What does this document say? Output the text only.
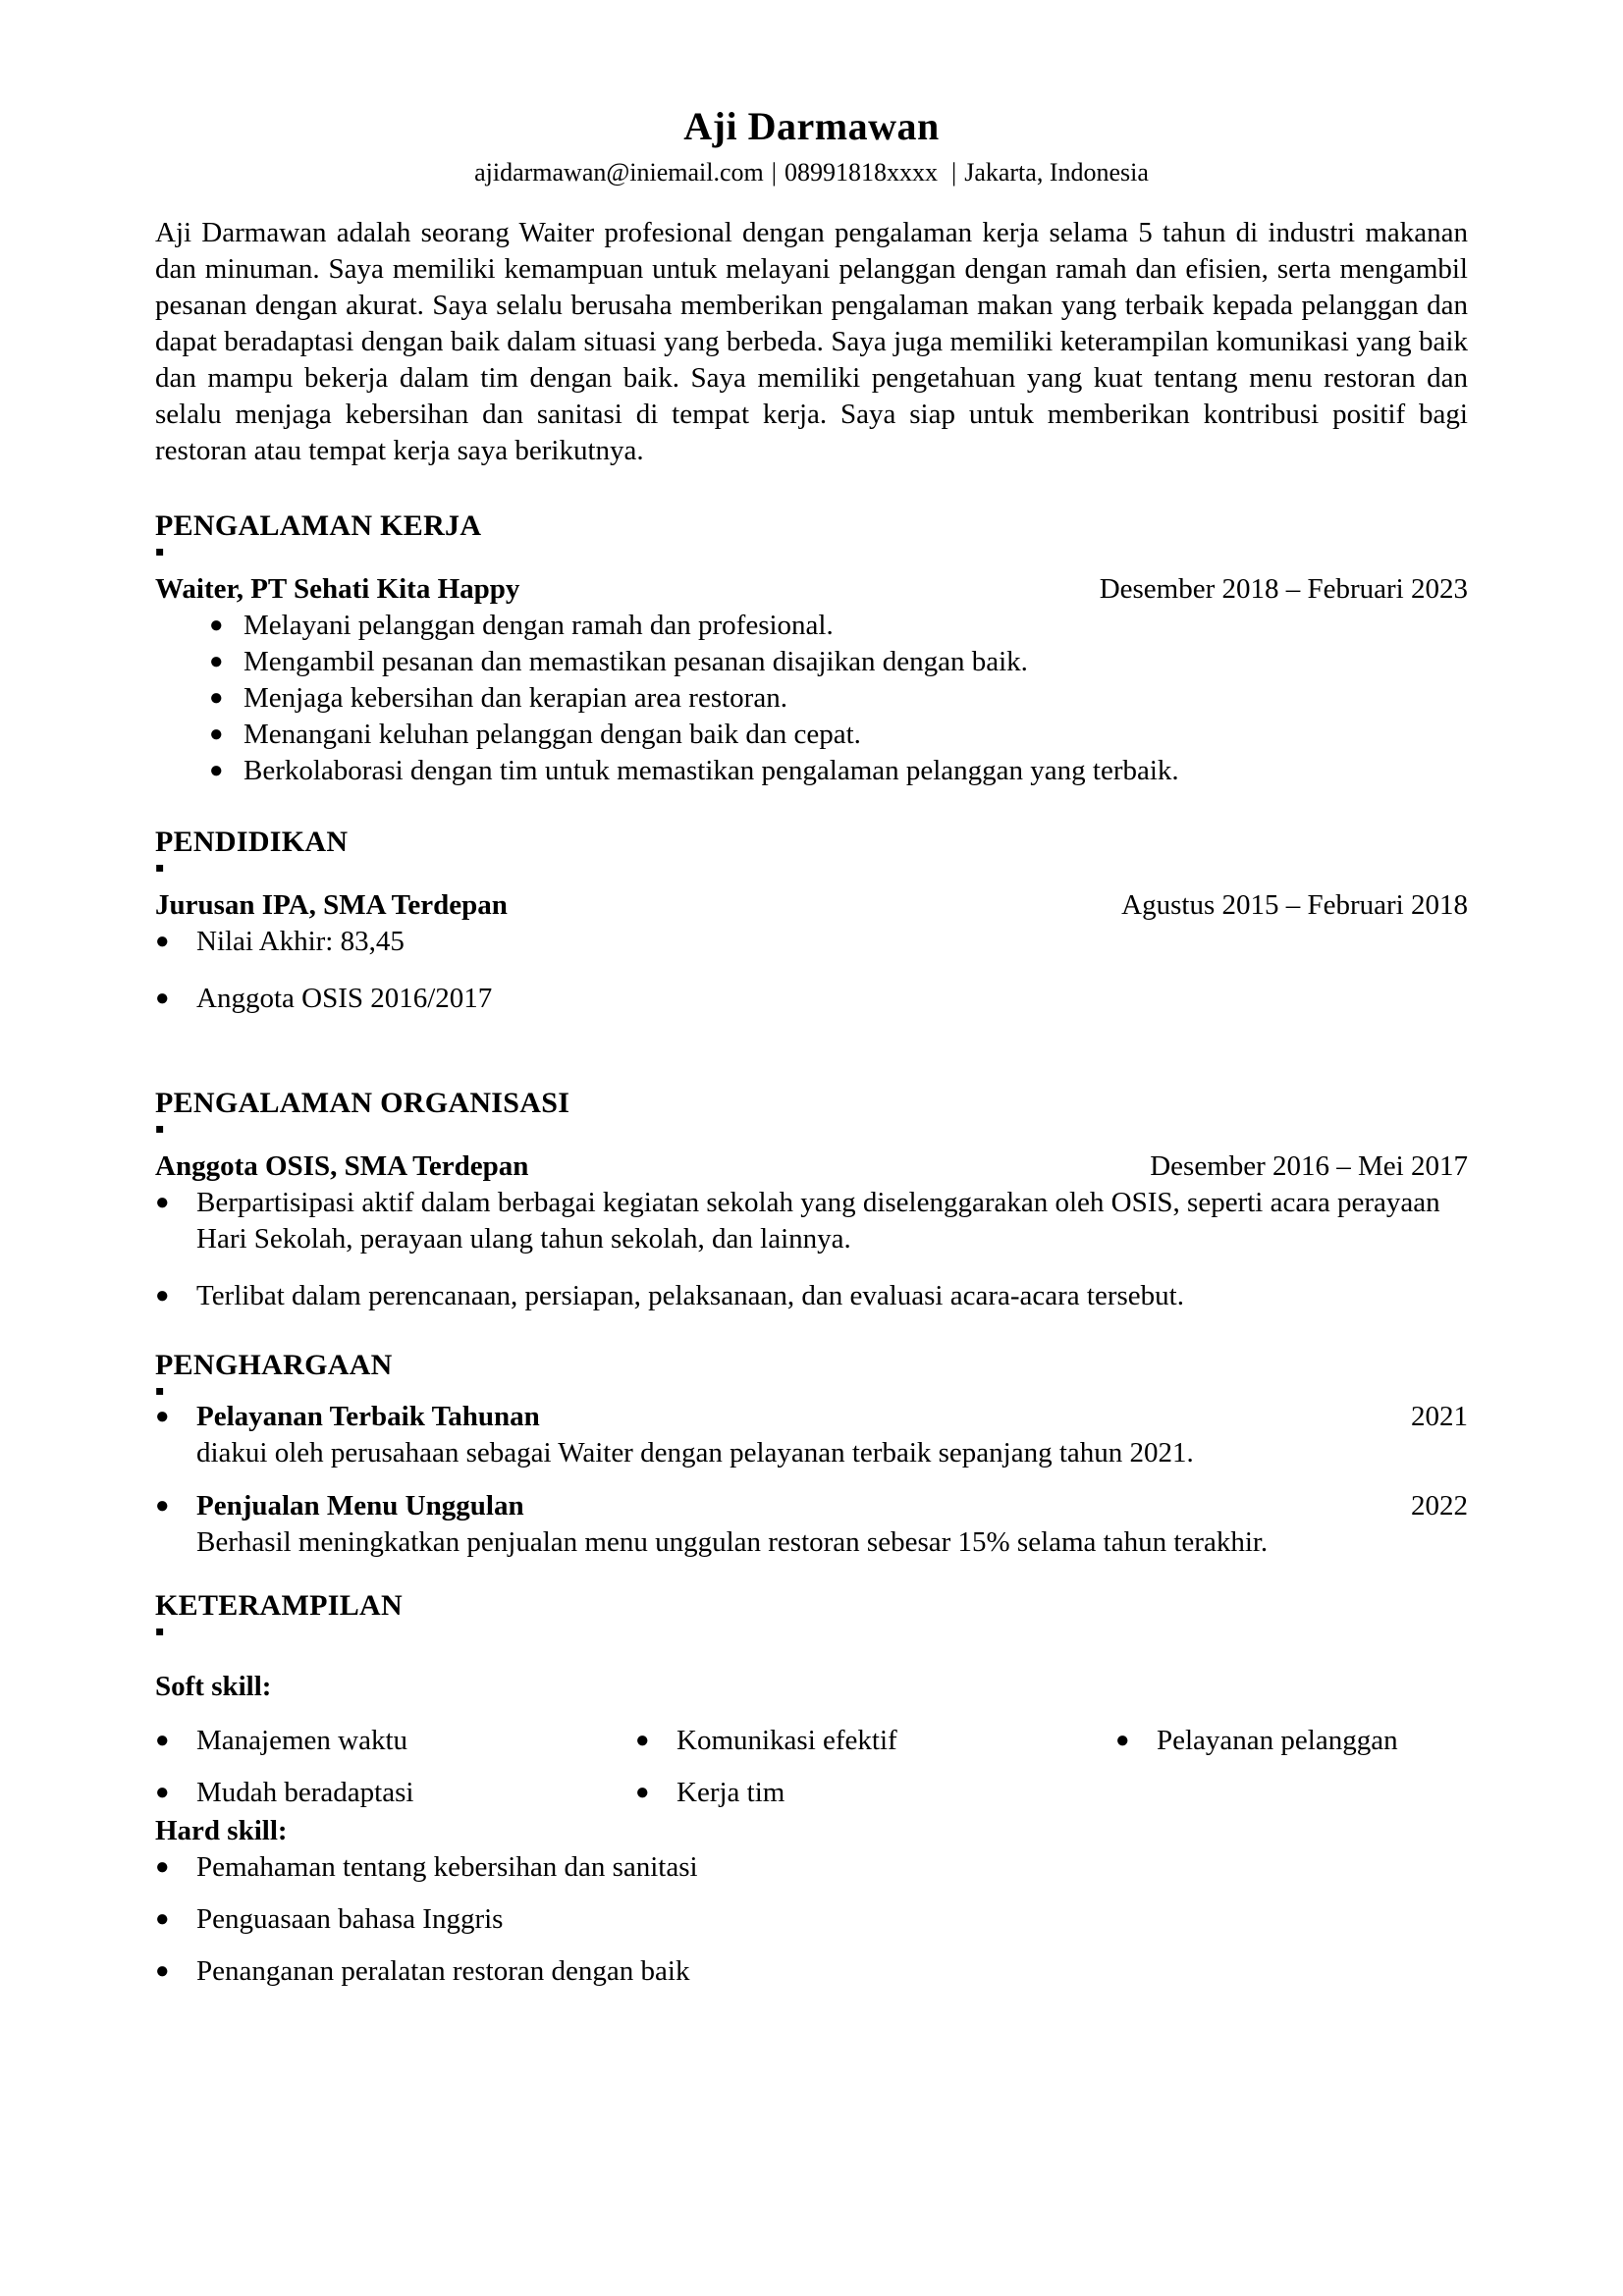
Aji Darmawan
ajidarmawan@iniemail.com | 08991818xxxx | Jakarta, Indonesia

Aji Darmawan adalah seorang Waiter profesional dengan pengalaman kerja selama 5 tahun di industri makanan dan minuman. Saya memiliki kemampuan untuk melayani pelanggan dengan ramah dan efisien, serta mengambil pesanan dengan akurat. Saya selalu berusaha memberikan pengalaman makan yang terbaik kepada pelanggan dan dapat beradaptasi dengan baik dalam situasi yang berbeda. Saya juga memiliki keterampilan komunikasi yang baik dan mampu bekerja dalam tim dengan baik. Saya memiliki pengetahuan yang kuat tentang menu restoran dan selalu menjaga kebersihan dan sanitasi di tempat kerja. Saya siap untuk memberikan kontribusi positif bagi restoran atau tempat kerja saya berikutnya.

PENGALAMAN KERJA
▪
Waiter, PT Sehati Kita Happy	Desember 2018 – Februari 2023
● Melayani pelanggan dengan ramah dan profesional.
● Mengambil pesanan dan memastikan pesanan disajikan dengan baik.
● Menjaga kebersihan dan kerapian area restoran.
● Menangani keluhan pelanggan dengan baik dan cepat.
● Berkolaborasi dengan tim untuk memastikan pengalaman pelanggan yang terbaik.
PENDIDIKAN
▪
Jurusan IPA, SMA Terdepan	Agustus 2015 – Februari 2018
● Nilai Akhir: 83,45
● Anggota OSIS 2016/2017
PENGALAMAN ORGANISASI
▪
Anggota OSIS, SMA Terdepan	Desember 2016 – Mei 2017
● Berpartisipasi aktif dalam berbagai kegiatan sekolah yang diselenggarakan oleh OSIS, seperti acara perayaan Hari Sekolah, perayaan ulang tahun sekolah, dan lainnya.
● Terlibat dalam perencanaan, persiapan, pelaksanaan, dan evaluasi acara-acara tersebut.
PENGHARGAAN
▪
● Pelayanan Terbaik Tahunan	2021
diakui oleh perusahaan sebagai Waiter dengan pelayanan terbaik sepanjang tahun 2021.
● Penjualan Menu Unggulan	2022
Berhasil meningkatkan penjualan menu unggulan restoran sebesar 15% selama tahun terakhir.
KETERAMPILAN
▪
Soft skill:
● Manajemen waktu	● Komunikasi efektif	● Pelayanan pelanggan
● Mudah beradaptasi	● Kerja tim
Hard skill:
● Pemahaman tentang kebersihan dan sanitasi
● Penguasaan bahasa Inggris
● Penanganan peralatan restoran dengan baik
